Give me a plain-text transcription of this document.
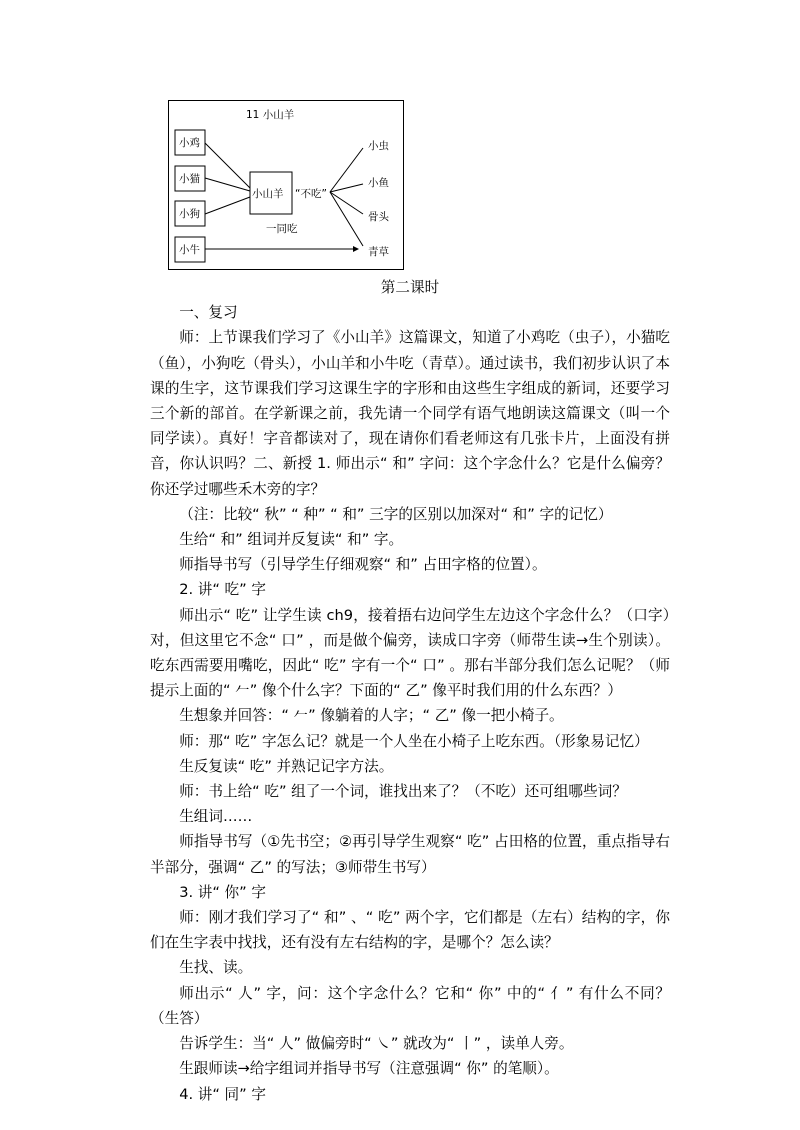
11 小山羊
小鸡
小猫
小狗
小牛
小山羊 “不吃”
一同吃
小虫
小鱼
骨头
青草

第二课时

一、复习

师：上节课我们学习了《小山羊》这篇课文，知道了小鸡吃（虫子），小猫吃（鱼），小狗吃（骨头），小山羊和小牛吃（青草）。通过读书，我们初步认识了本课的生字，这节课我们学习这课生字的字形和由这些生字组成的新词，还要学习三个新的部首。在学新课之前，我先请一个同学有语气地朗读这篇课文（叫一个同学读）。真好！字音都读对了，现在请你们看老师这有几张卡片，上面没有拼音，你认识吗？二、新授 1. 师出示“ 和” 字问：这个字念什么？它是什么偏旁？你还学过哪些禾木旁的字？

（注：比较“ 秋” “ 种” “ 和” 三字的区别以加深对“ 和” 字的记忆）

生给“ 和” 组词并反复读“ 和” 字。

师指导书写（引导学生仔细观察“ 和” 占田字格的位置）。

2. 讲“ 吃” 字

师出示“ 吃” 让学生读 ch9，接着捂右边问学生左边这个字念什么？（口字）对，但这里它不念“ 口” ，而是做个偏旁，读成口字旁（师带生读→生个别读）。吃东西需要用嘴吃，因此“ 吃” 字有一个“ 口” 。那右半部分我们怎么记呢？（师提示上面的“ 𠂉” 像个什么字？下面的“ 乙” 像平时我们用的什么东西？）

生想象并回答：“ 𠂉” 像躺着的人字；“ 乙” 像一把小椅子。

师：那“ 吃” 字怎么记？就是一个人坐在小椅子上吃东西。（形象易记忆）

生反复读“ 吃” 并熟记记字方法。

师：书上给“ 吃” 组了一个词，谁找出来了？（不吃）还可组哪些词？

生组词……

师指导书写（①先书空；②再引导学生观察“ 吃” 占田格的位置，重点指导右半部分，强调“ 乙” 的写法；③师带生书写）

3. 讲“ 你” 字

师：刚才我们学习了“ 和” 、“ 吃” 两个字，它们都是（左右）结构的字，你们在生字表中找找，还有没有左右结构的字，是哪个？怎么读？

生找、读。

师出示“ 人” 字，问：这个字念什么？它和“ 你” 中的“ 亻” 有什么不同？（生答）

告诉学生：当“ 人” 做偏旁时“ ㇏” 就改为“ 丨” ，读单人旁。

生跟师读→给字组词并指导书写（注意强调“ 你” 的笔顺）。

4. 讲“ 同” 字
